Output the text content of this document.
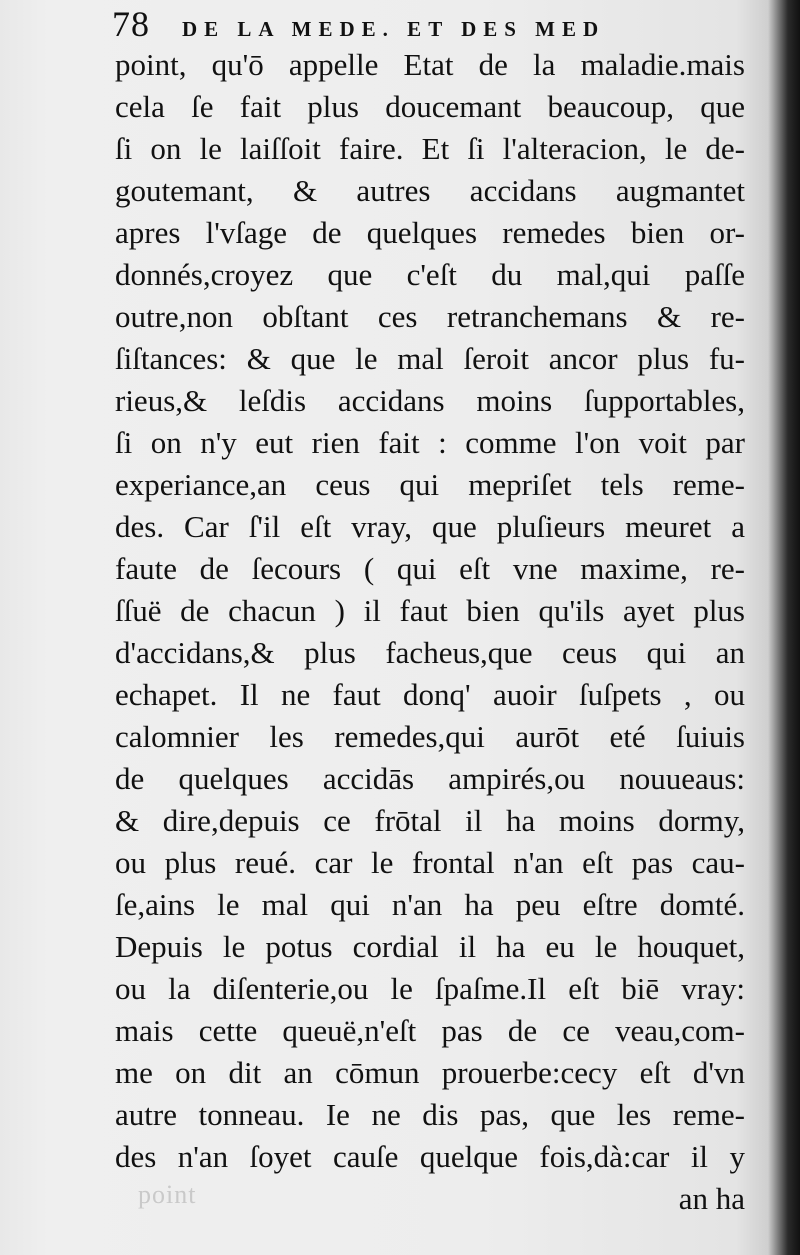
78 DE LA MEDE. ET DES MED
point, qu'ō appelle Etat de la maladie.mais
cela ſe fait plus doucemant beaucoup, que
ſi on le laiſſoit faire. Et ſi l'alteracion, le de-
goutemant, & autres accidans augmantet
apres l'vſage de quelques remedes bien or-
donnés,croyez que c'eſt du mal,qui paſſe
outre,non obſtant ces retranchemans & re-
ſiſtances: & que le mal ſeroit ancor plus fu-
rieus,& leſdis accidans moins ſupportables,
ſi on n'y eut rien fait : comme l'on voit par
experiance,an ceus qui mepriſet tels reme-
des. Car ſ'il eſt vray, que pluſieurs meuret a
faute de ſecours ( qui eſt vne maxime, re-
ſſuë de chacun ) il faut bien qu'ils ayet plus
d'accidans,& plus facheus,que ceus qui an
echapet. Il ne faut donq' auoir ſuſpets , ou
calomnier les remedes,qui aurōt eté ſuiuis
de quelques accidās ampirés,ou nouueaus:
& dire,depuis ce frōtal il ha moins dormy,
ou plus reué. car le frontal n'an eſt pas cau-
ſe,ains le mal qui n'an ha peu eſtre domté.
Depuis le potus cordial il ha eu le houquet,
ou la diſenterie,ou le ſpaſme.Il eſt biē vray:
mais cette queuë,n'eſt pas de ce veau,com-
me on dit an cōmun prouerbe:cecy eſt d'vn
autre tonneau. Ie ne dis pas, que les reme-
des n'an ſoyet cauſe quelque fois,dà:car il y
an ha
point
